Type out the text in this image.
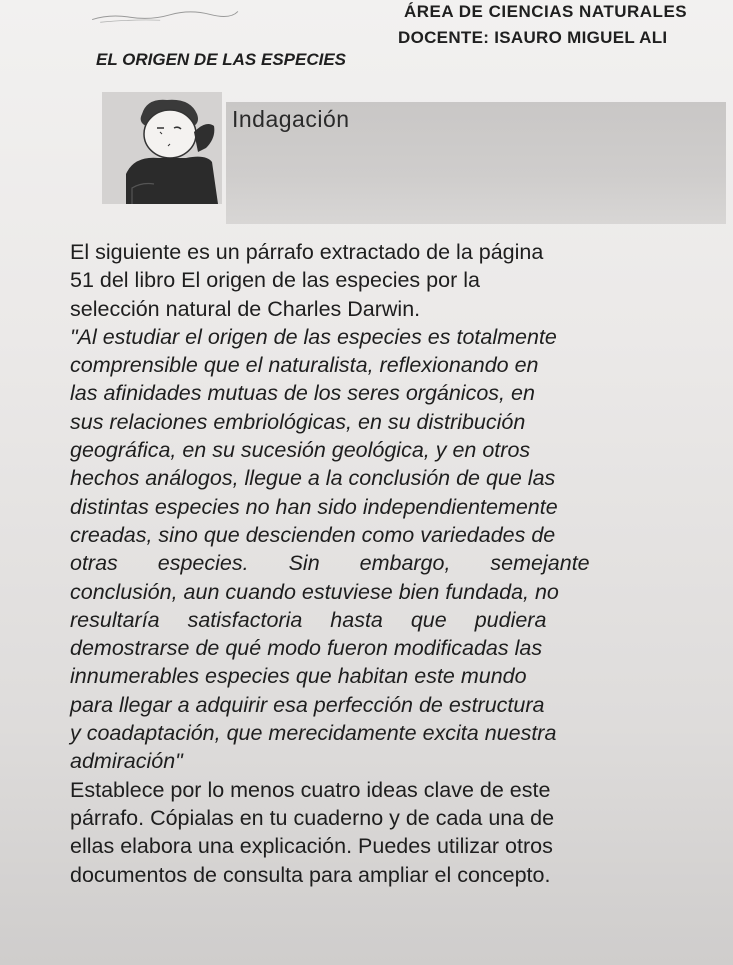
ÁREA DE CIENCIAS NATURALES
DOCENTE: ISAURO MIGUEL ALI
EL ORIGEN DE LAS ESPECIES
Indagación
El siguiente es un párrafo extractado de la página
51 del libro El origen de las especies por la
selección natural de Charles Darwin.
"Al estudiar el origen de las especies es totalmente
comprensible que el naturalista, reflexionando en
las afinidades mutuas de los seres orgánicos, en
sus relaciones embriológicas, en su distribución
geográfica, en su sucesión geológica, y en otros
hechos análogos, llegue a la conclusión de que las
distintas especies no han sido independientemente
creadas, sino que descienden como variedades de
otras especies. Sin embargo, semejante
conclusión, aun cuando estuviese bien fundada, no
resultaría satisfactoria hasta que pudiera
demostrarse de qué modo fueron modificadas las
innumerables especies que habitan este mundo
para llegar a adquirir esa perfección de estructura
y coadaptación, que merecidamente excita nuestra
admiración"
Establece por lo menos cuatro ideas clave de este
párrafo. Cópialas en tu cuaderno y de cada una de
ellas elabora una explicación. Puedes utilizar otros
documentos de consulta para ampliar el concepto.
